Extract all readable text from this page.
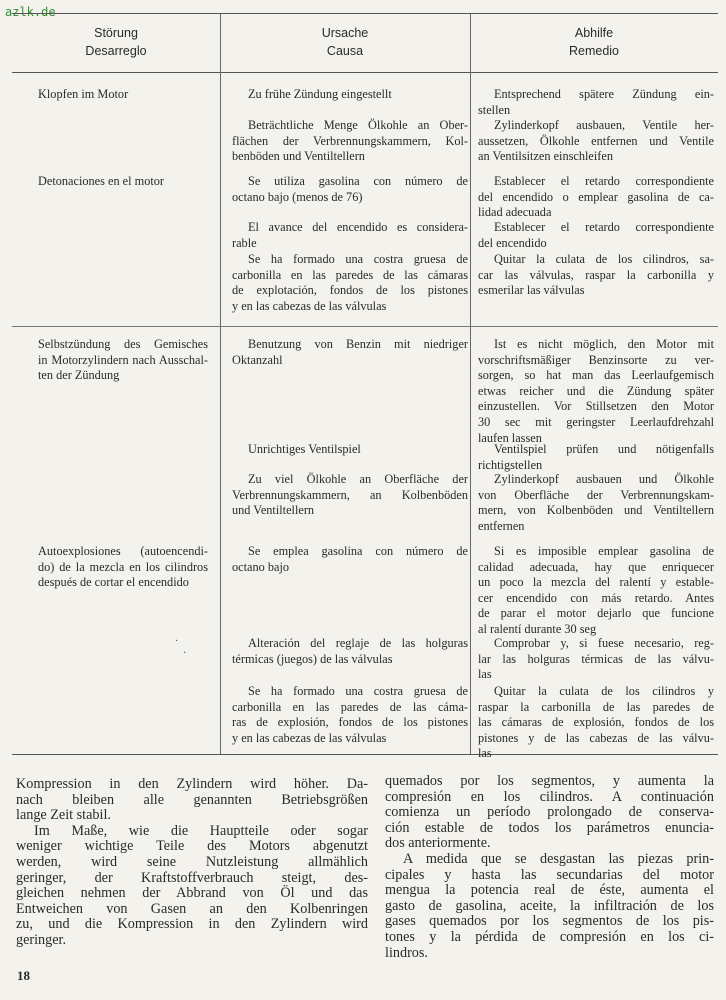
azlk.de
Störung
Desarreglo
Ursache
Causa
Abhilfe
Remedio
Kompression in den Zylindern wird höher. Da-
nach bleiben alle genannten Betriebsgrößen
lange Zeit stabil.
Im Maße, wie die Hauptteile oder sogar
weniger wichtige Teile des Motors abgenutzt
werden, wird seine Nutzleistung allmählich
geringer, der Kraftstoffverbrauch steigt, des-
gleichen nehmen der Abbrand von Öl und das
Entweichen von Gasen an den Kolbenringen
zu, und die Kompression in den Zylindern wird
geringer.
quemados por los segmentos, y aumenta la
compresión en los cilindros. A continuación
comienza un período prolongado de conserva-
ción estable de todos los parámetros enuncia-
dos anteriormente.
A medida que se desgastan las piezas prin-
cipales y hasta las secundarias del motor
mengua la potencia real de éste, aumenta el
gasto de gasolina, aceite, la infiltración de los
gases quemados por los segmentos de los pis-
tones y la pérdida de compresión en los ci-
lindros.
18
·
·
Klopfen im Motor	Zu frühe Zündung eingestellt
Beträchtliche Menge Ölkohle an Ober-
flächen der Verbrennungskammern, Kol-
benböden und Ventiltellern
Entsprechend spätere Zündung ein-
stellen
Zylinderkopf ausbauen, Ventile her-
aussetzen, Ölkohle entfernen und Ventile
an Ventilsitzen einschleifen
Detonaciones en el motor	Se utiliza gasolina con número de
octano bajo (menos de 76)
El avance del encendido es considera-
rable
Se ha formado una costra gruesa de
carbonilla en las paredes de las cámaras
de explotación, fondos de los pistones
y en las cabezas de las válvulas
Establecer el retardo correspondiente
del encendido o emplear gasolina de ca-
lidad adecuada
Establecer el retardo correspondiente
del encendido
Quitar la culata de los cilindros, sa-
car las válvulas, raspar la carbonilla y
esmerilar las válvulas
Selbstzündung des Gemisches
in Motorzylindern nach Ausschal-
ten der Zündung
Benutzung von Benzin mit niedriger
Oktanzahl
Unrichtiges Ventilspiel
Zu viel Ölkohle an Oberfläche der
Verbrennungskammern, an Kolbenböden
und Ventiltellern
Ist es nicht möglich, den Motor mit
vorschriftsmäßiger Benzinsorte zu ver-
sorgen, so hat man das Leerlaufgemisch
etwas reicher und die Zündung später
einzustellen. Vor Stillsetzen den Motor
30 sec mit geringster Leerlaufdrehzahl
laufen lassen
Ventilspiel prüfen und nötigenfalls
richtigstellen
Zylinderkopf ausbauen und Ölkohle
von Oberfläche der Verbrennungskam-
mern, von Kolbenböden und Ventiltellern
entfernen
Autoexplosiones (autoencendi-
do) de la mezcla en los cilindros
después de cortar el encendido
Se emplea gasolina con número de
octano bajo
Alteración del reglaje de las holguras
térmicas (juegos) de las válvulas
Se ha formado una costra gruesa de
carbonilla en las paredes de las cáma-
ras de explosión, fondos de los pistones
y en las cabezas de las válvulas
Si es imposible emplear gasolina de
calidad adecuada, hay que enriquecer
un poco la mezcla del ralentí y estable-
cer encendido con más retardo. Antes
de parar el motor dejarlo que funcione
al ralentí durante 30 seg
Comprobar y, si fuese necesario, reg-
lar las holguras térmicas de las válvu-
las
Quitar la culata de los cilindros y
raspar la carbonilla de las paredes de
las cámaras de explosión, fondos de los
pistones y de las cabezas de las válvu-
las
